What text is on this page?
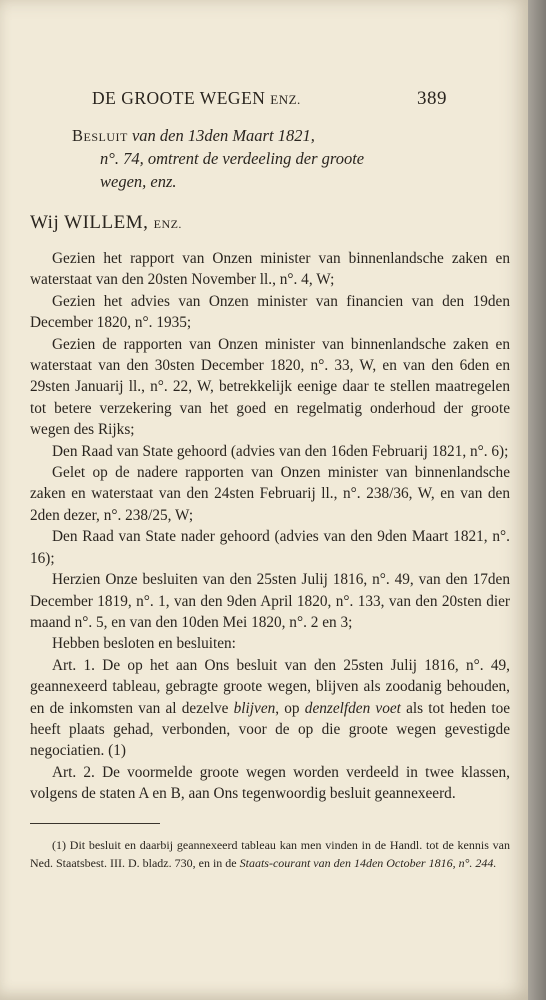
DE GROOTE WEGEN ENZ.	389
Besluit van den 13den Maart 1821,
n°. 74, omtrent de verdeeling der groote
wegen, enz.
Wij WILLEM, ENZ.

Gezien het rapport van Onzen minister van binnenlandsche zaken en waterstaat van den 20sten November ll., n°. 4, W;

Gezien het advies van Onzen minister van financien van den 19den December 1820, n°. 1935;

Gezien de rapporten van Onzen minister van binnenlandsche zaken en waterstaat van den 30sten December 1820, n°. 33, W, en van den 6den en 29sten Januarij ll., n°. 22, W, betrekkelijk eenige daar te stellen maatregelen tot betere verzekering van het goed en regelmatig onderhoud der groote wegen des Rijks;

Den Raad van State gehoord (advies van den 16den Februarij 1821, n°. 6);

Gelet op de nadere rapporten van Onzen minister van binnenlandsche zaken en waterstaat van den 24sten Februarij ll., n°. 238/36, W, en van den 2den dezer, n°. 238/25, W;

Den Raad van State nader gehoord (advies van den 9den Maart 1821, n°. 16);

Herzien Onze besluiten van den 25sten Julij 1816, n°. 49, van den 17den December 1819, n°. 1, van den 9den April 1820, n°. 133, van den 20sten dier maand n°. 5, en van den 10den Mei 1820, n°. 2 en 3;

Hebben besloten en besluiten:

Art. 1. De op het aan Ons besluit van den 25sten Julij 1816, n°. 49, geannexeerd tableau, gebragte groote wegen, blijven als zoodanig behouden, en de inkomsten van al dezelve blijven, op denzelfden voet als tot heden toe heeft plaats gehad, verbonden, voor de op die groote wegen gevestigde negociatien. (1)

Art. 2. De voormelde groote wegen worden verdeeld in twee klassen, volgens de staten A en B, aan Ons tegenwoordig besluit geannexeerd.

(1) Dit besluit en daarbij geannexeerd tableau kan men vinden in de Handl. tot de kennis van Ned. Staatsbest. III. D. bladz. 730, en in de Staats-courant van den 14den October 1816, n°. 244.
